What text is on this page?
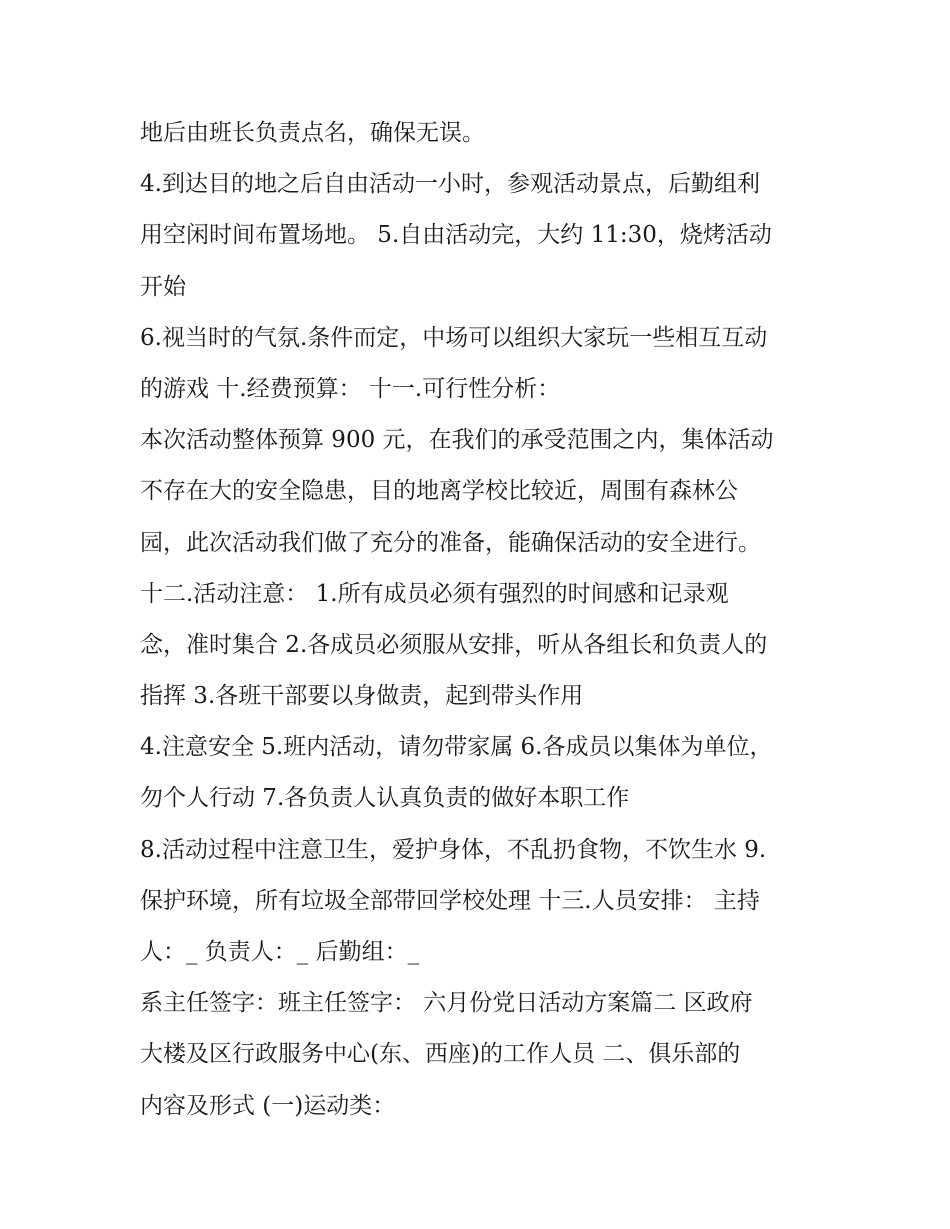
地后由班长负责点名，确保无误。
4.到达目的地之后自由活动一小时，参观活动景点，后勤组利
用空闲时间布置场地。 5.自由活动完，大约 11:30，烧烤活动
开始
6.视当时的气氛.条件而定，中场可以组织大家玩一些相互互动
的游戏 十.经费预算： 十一.可行性分析：
本次活动整体预算 900 元，在我们的承受范围之内，集体活动
不存在大的安全隐患，目的地离学校比较近，周围有森林公
园，此次活动我们做了充分的准备，能确保活动的安全进行。
十二.活动注意： 1.所有成员必须有强烈的时间感和记录观
念，准时集合 2.各成员必须服从安排，听从各组长和负责人的
指挥 3.各班干部要以身做责，起到带头作用
4.注意安全 5.班内活动，请勿带家属 6.各成员以集体为单位，
勿个人行动 7.各负责人认真负责的做好本职工作
8.活动过程中注意卫生，爱护身体，不乱扔食物，不饮生水 9.
保护环境，所有垃圾全部带回学校处理 十三.人员安排： 主持
人：_ 负责人：_ 后勤组：_
系主任签字：班主任签字： 六月份党日活动方案篇二 区政府
大楼及区行政服务中心(东、西座)的工作人员 二、俱乐部的
内容及形式 (一)运动类：
